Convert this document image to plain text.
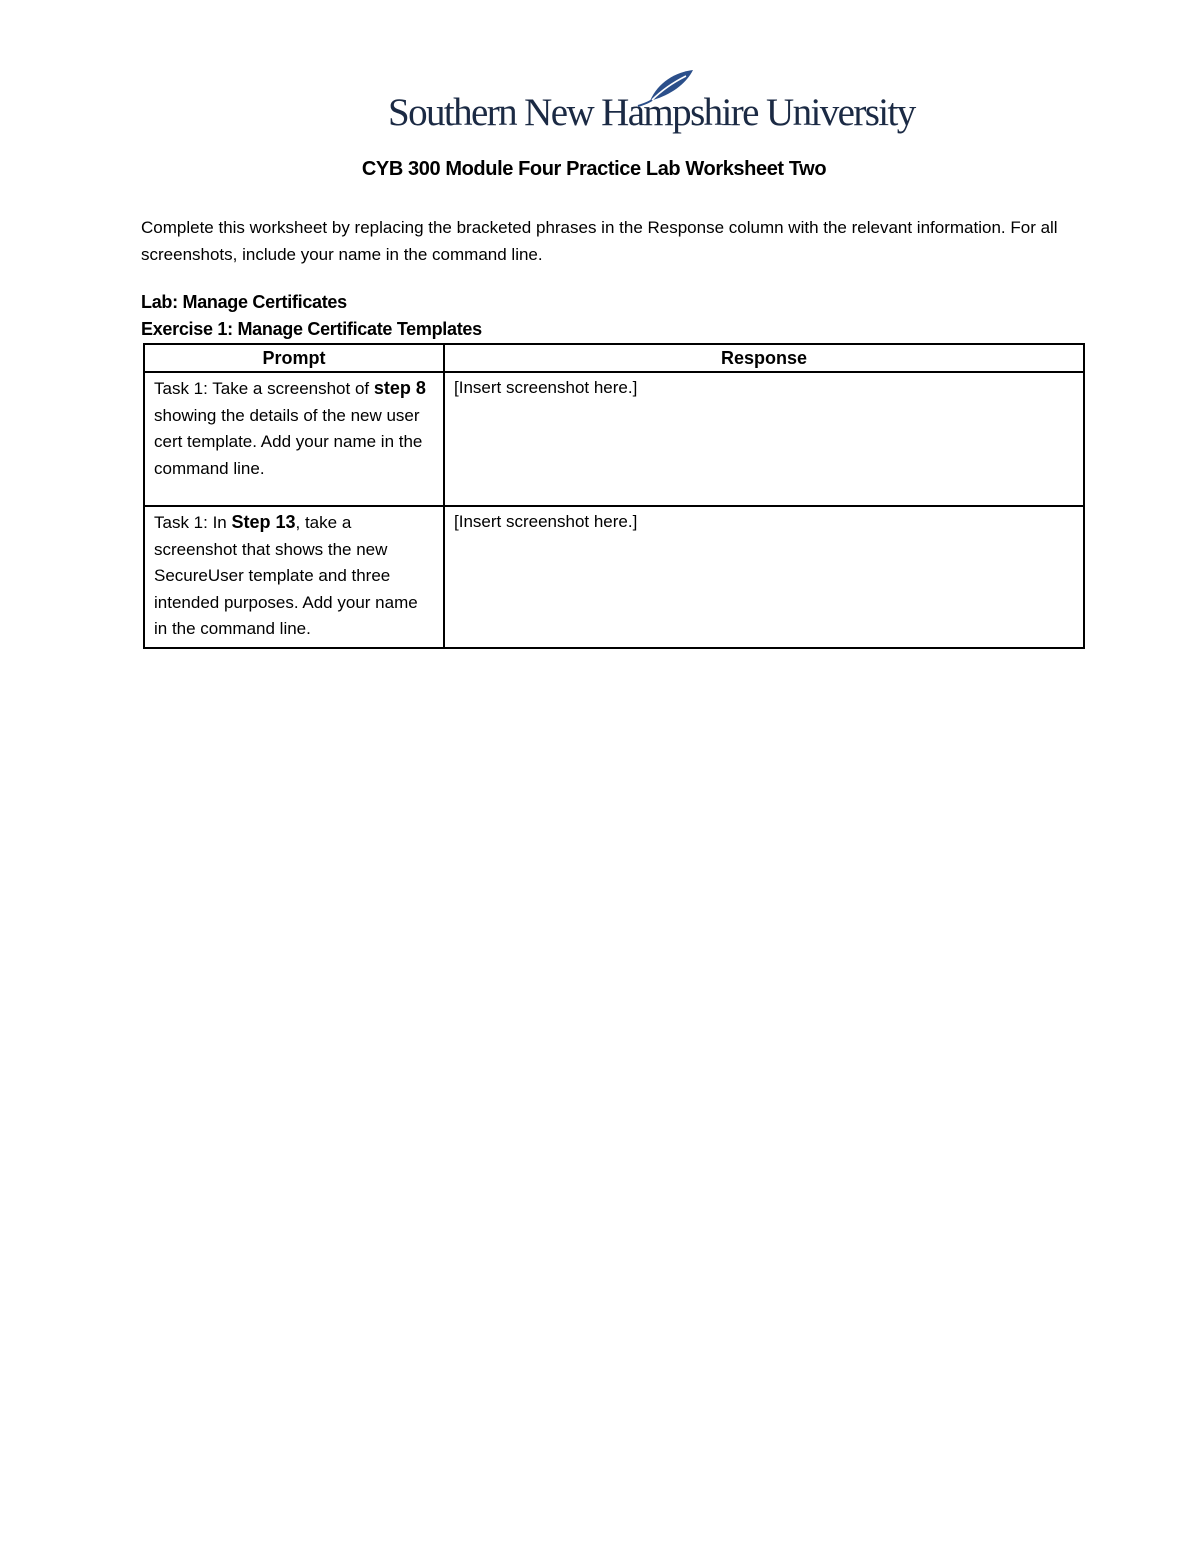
Southern New Hampshire University
CYB 300 Module Four Practice Lab Worksheet Two

Complete this worksheet by replacing the bracketed phrases in the Response column with the relevant information. For all screenshots, include your name in the command line.

Lab: Manage Certificates

Exercise 1: Manage Certificate Templates

Prompt	Response
Task 1: Take a screenshot of step 8 showing the details of the new user cert template. Add your name in the command line.	[Insert screenshot here.]
Task 1: In Step 13, take a screenshot that shows the new SecureUser template and three intended purposes. Add your name in the command line.	[Insert screenshot here.]
